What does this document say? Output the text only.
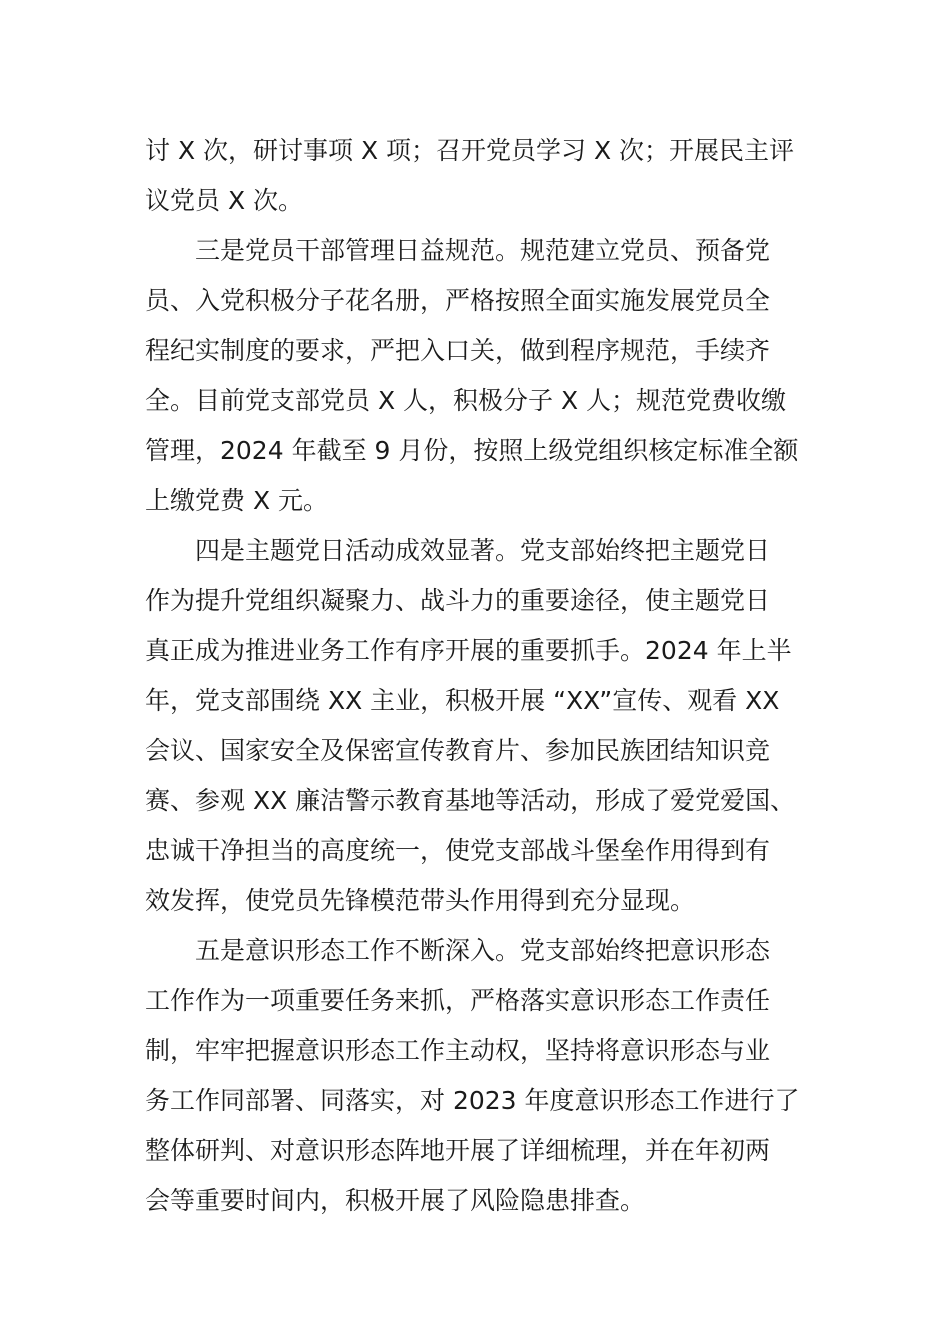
讨 X 次，研讨事项 X 项；召开党员学习 X 次；开展民主评
议党员 X 次。
三是党员干部管理日益规范。规范建立党员、预备党
员、入党积极分子花名册，严格按照全面实施发展党员全
程纪实制度的要求，严把入口关，做到程序规范，手续齐
全。目前党支部党员 X 人，积极分子 X 人；规范党费收缴
管理，2024 年截至 9 月份，按照上级党组织核定标准全额
上缴党费 X 元。
四是主题党日活动成效显著。党支部始终把主题党日
作为提升党组织凝聚力、战斗力的重要途径，使主题党日
真正成为推进业务工作有序开展的重要抓手。2024 年上半
年，党支部围绕 XX 主业，积极开展 “XX”宣传、观看 XX
会议、国家安全及保密宣传教育片、参加民族团结知识竞
赛、参观 XX 廉洁警示教育基地等活动，形成了爱党爱国、
忠诚干净担当的高度统一，使党支部战斗堡垒作用得到有
效发挥，使党员先锋模范带头作用得到充分显现。
五是意识形态工作不断深入。党支部始终把意识形态
工作作为一项重要任务来抓，严格落实意识形态工作责任
制，牢牢把握意识形态工作主动权，坚持将意识形态与业
务工作同部署、同落实，对 2023 年度意识形态工作进行了
整体研判、对意识形态阵地开展了详细梳理，并在年初两
会等重要时间内，积极开展了风险隐患排查。
